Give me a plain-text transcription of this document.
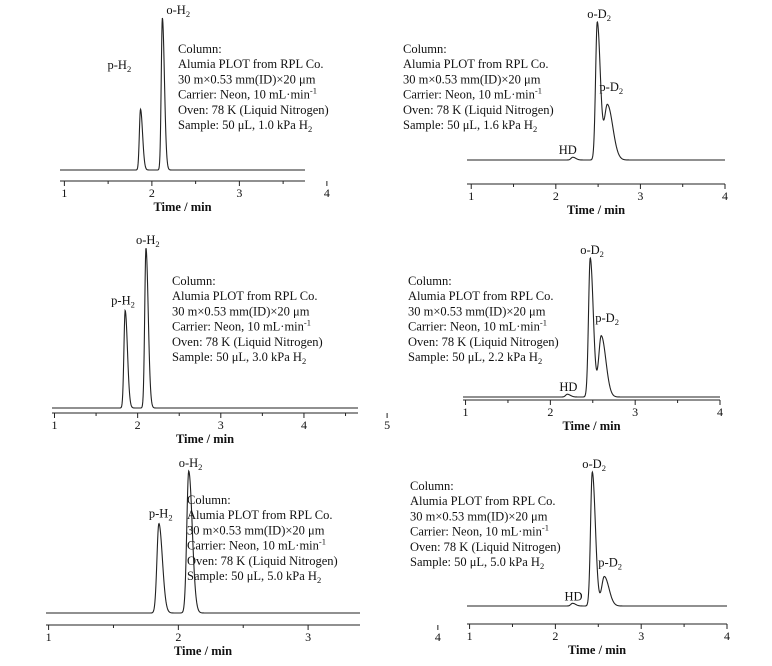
1	2	3	4
Time / min
$p-H_2$
$o-H_2$
Column:
Alumia PLOT from RPL Co.
30 m×0.53 mm(ID)×20 μm
Carrier: Neon, 10 $mL\cdot\min^{-1}$
Oven: 78 K (Liquid Nitrogen)
Sample: 50 μL, 1.0 kPa $H_2$
1	2	3	4
Time / min
HD
$o-D_2$
$p-D_2$
Column:
Alumia PLOT from RPL Co.
30 m×0.53 mm(ID)×20 μm
Carrier: Neon, 10 $mL\cdot\min^{-1}$
Oven: 78 K (Liquid Nitrogen)
Sample: 50 μL, 1.6 kPa $H_2$
1	2	3	4	5
Time / min
$p-H_2$
$o-H_2$
Column:
Alumia PLOT from RPL Co.
30 m×0.53 mm(ID)×20 μm
Carrier: Neon, 10 $mL\cdot\min^{-1}$
Oven: 78 K (Liquid Nitrogen)
Sample: 50 μL, 3.0 kPa $H_2$
1	2	3	4
Time / min
HD
$o-D_2$
$p-D_2$
Column:
Alumia PLOT from RPL Co.
30 m×0.53 mm(ID)×20 μm
Carrier: Neon, 10 $mL\cdot\min^{-1}$
Oven: 78 K (Liquid Nitrogen)
Sample: 50 μL, 2.2 kPa $H_2$
1	2	3	4
Time / min
$p-H_2$
$o-H_2$
Column:
Alumia PLOT from RPL Co.
30 m×0.53 mm(ID)×20 μm
Carrier: Neon, 10 $mL\cdot\min^{-1}$
Oven: 78 K (Liquid Nitrogen)
Sample: 50 μL, 5.0 kPa $H_2$
1	2	3	4
Time / min
HD
$o-D_2$
$p-D_2$
Column:
Alumia PLOT from RPL Co.
30 m×0.53 mm(ID)×20 μm
Carrier: Neon, 10 $mL\cdot\min^{-1}$
Oven: 78 K (Liquid Nitrogen)
Sample: 50 μL, 5.0 kPa $H_2$
